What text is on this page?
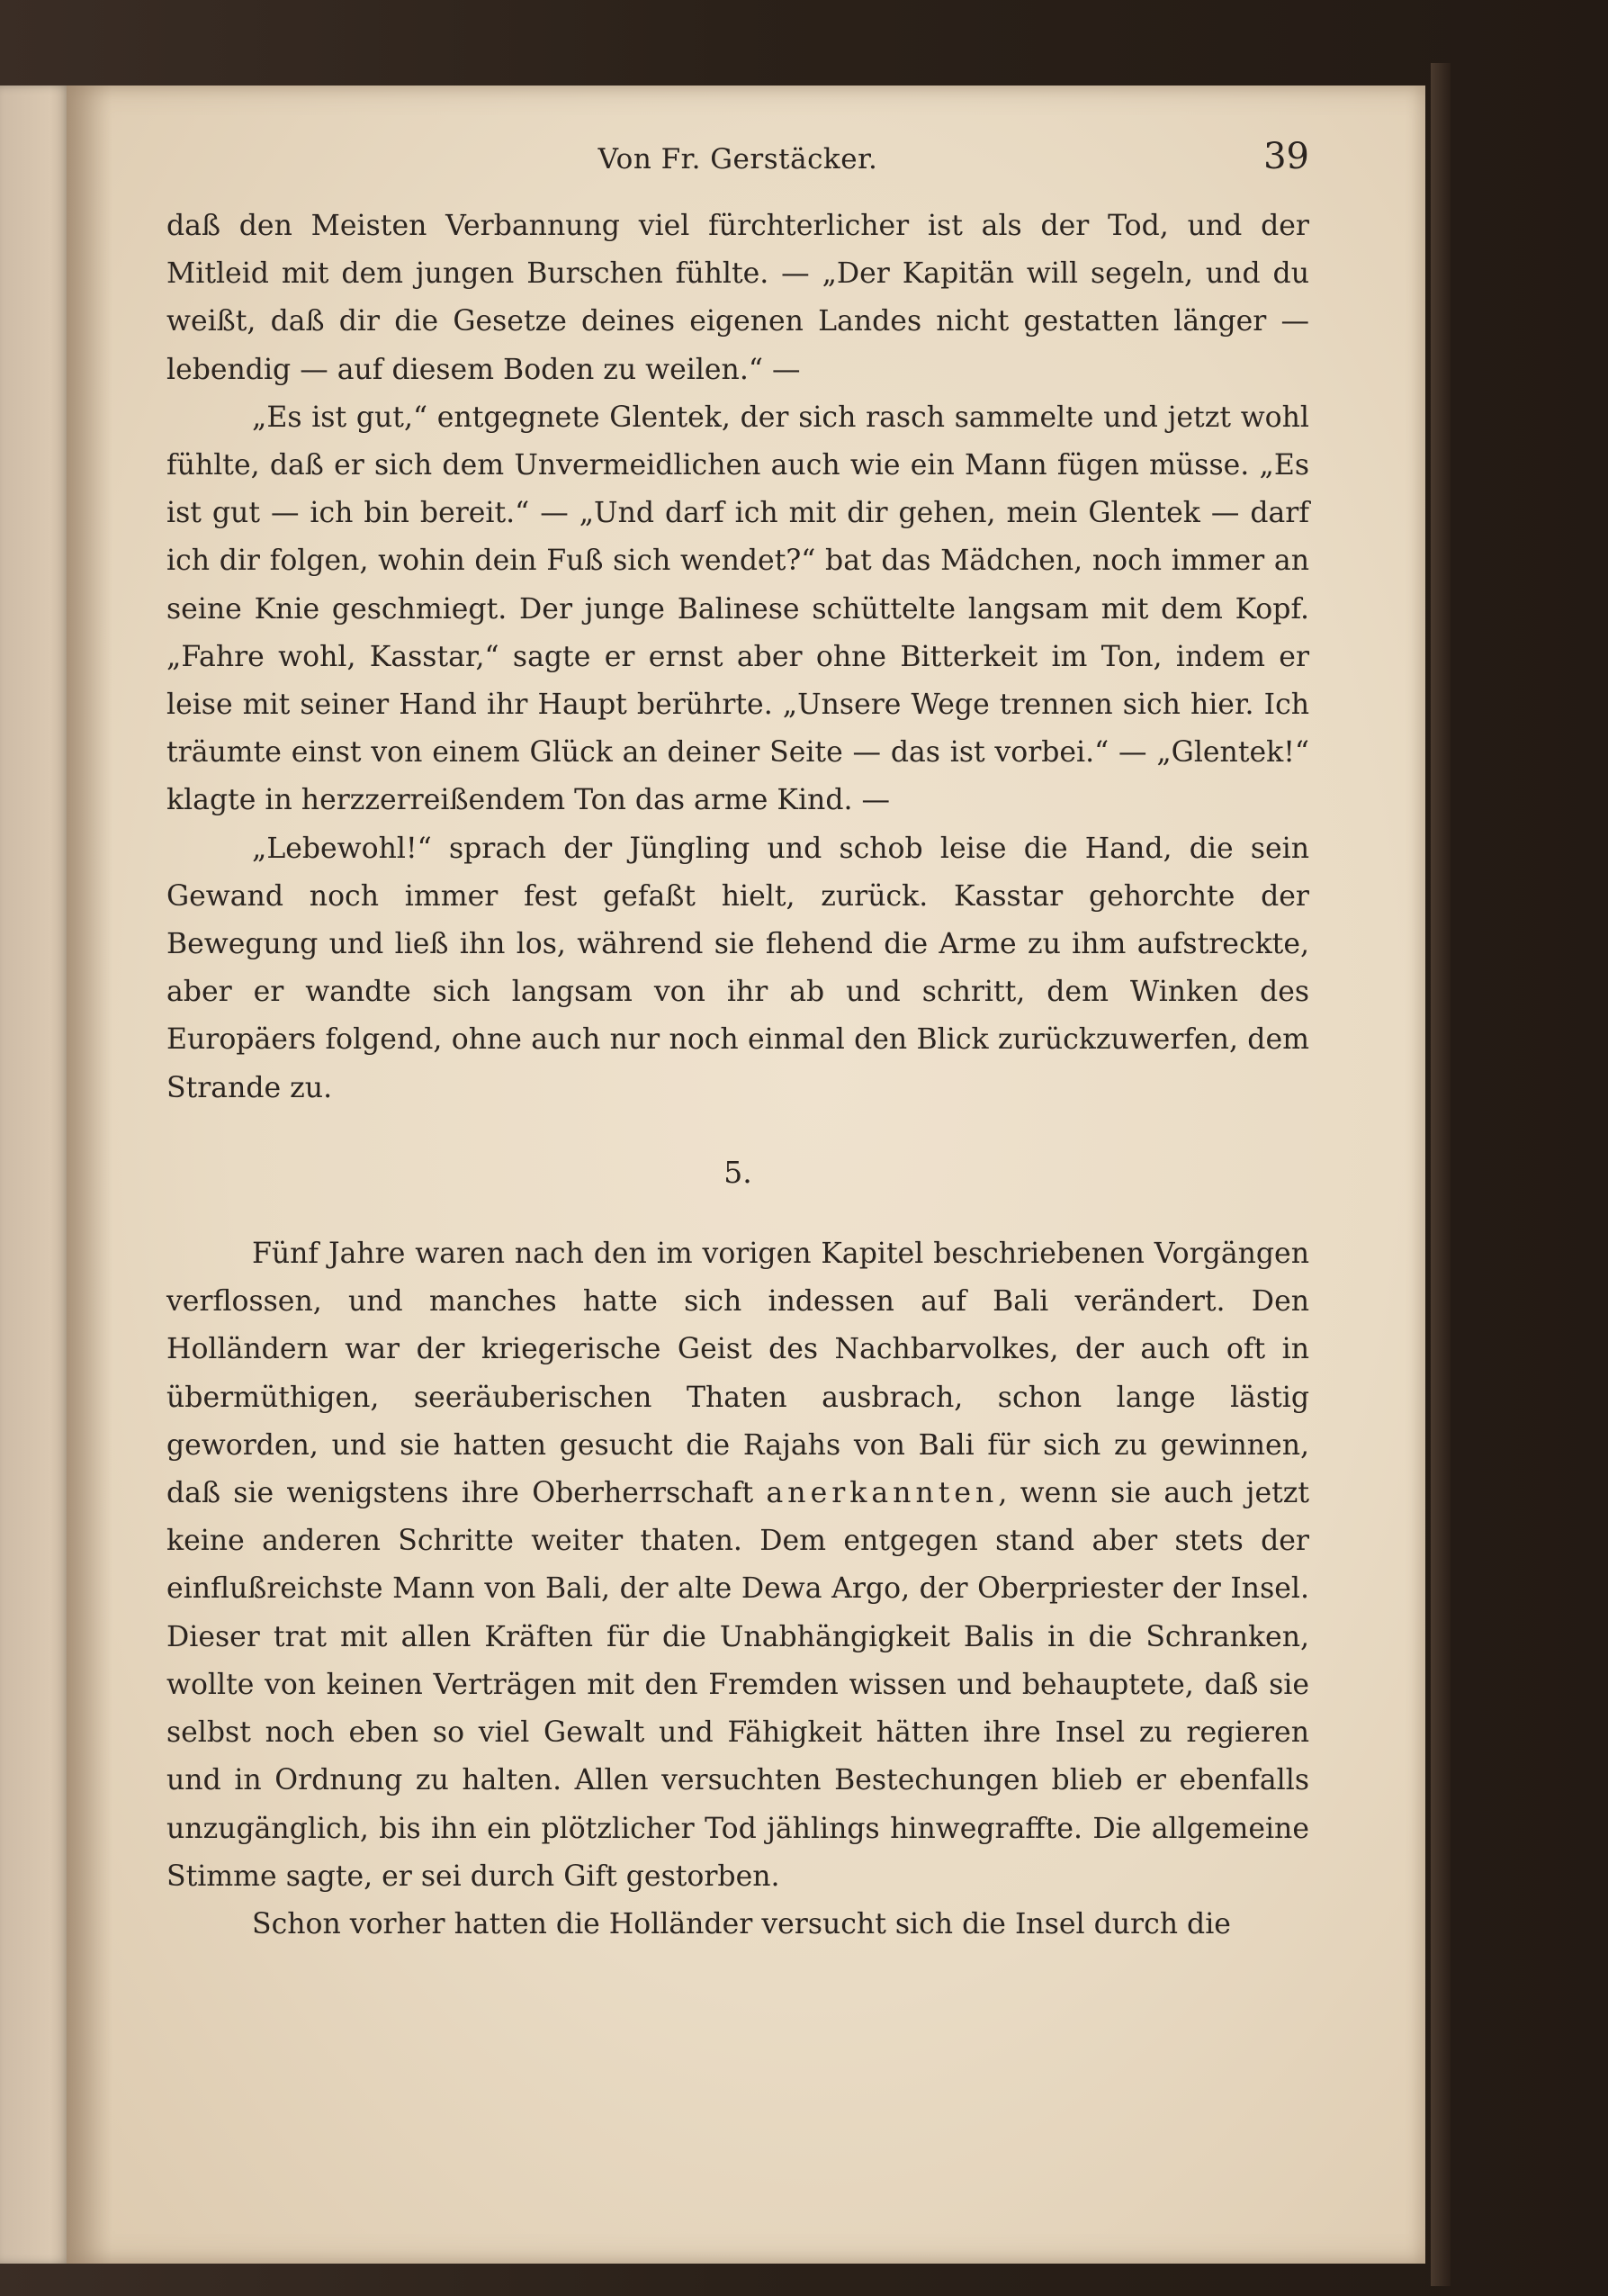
Von Fr. Gerstäcker.	39

daß den Meisten Verbannung viel fürchterlicher ist als der Tod, und der Mitleid mit dem jungen Burschen fühlte. — „Der Kapitän will segeln, und du weißt, daß dir die Gesetze deines eigenen Landes nicht gestatten länger — lebendig — auf diesem Boden zu weilen.“ —

„Es ist gut,“ entgegnete Glentek, der sich rasch sammelte und jetzt wohl fühlte, daß er sich dem Unvermeidlichen auch wie ein Mann fügen müsse. „Es ist gut — ich bin bereit.“ — „Und darf ich mit dir gehen, mein Glentek — darf ich dir folgen, wohin dein Fuß sich wendet?“ bat das Mädchen, noch immer an seine Knie geschmiegt. Der junge Balinese schüttelte langsam mit dem Kopf. „Fahre wohl, Kasstar,“ sagte er ernst aber ohne Bitterkeit im Ton, indem er leise mit seiner Hand ihr Haupt berührte. „Unsere Wege trennen sich hier. Ich träumte einst von einem Glück an deiner Seite — das ist vorbei.“ — „Glentek!“ klagte in herzzerreißendem Ton das arme Kind. —

„Lebewohl!“ sprach der Jüngling und schob leise die Hand, die sein Gewand noch immer fest gefaßt hielt, zurück. Kasstar gehorchte der Bewegung und ließ ihn los, während sie flehend die Arme zu ihm aufstreckte, aber er wandte sich langsam von ihr ab und schritt, dem Winken des Europäers folgend, ohne auch nur noch einmal den Blick zurückzuwerfen, dem Strande zu.

5.

Fünf Jahre waren nach den im vorigen Kapitel beschriebenen Vorgängen verflossen, und manches hatte sich indessen auf Bali verändert. Den Holländern war der kriegerische Geist des Nachbarvolkes, der auch oft in übermüthigen, seeräuberischen Thaten ausbrach, schon lange lästig geworden, und sie hatten gesucht die Rajahs von Bali für sich zu gewinnen, daß sie wenigstens ihre Oberherrschaft anerkannten, wenn sie auch jetzt keine anderen Schritte weiter thaten. Dem entgegen stand aber stets der einflußreichste Mann von Bali, der alte Dewa Argo, der Oberpriester der Insel. Dieser trat mit allen Kräften für die Unabhängigkeit Balis in die Schranken, wollte von keinen Verträgen mit den Fremden wissen und behauptete, daß sie selbst noch eben so viel Gewalt und Fähigkeit hätten ihre Insel zu regieren und in Ordnung zu halten. Allen versuchten Bestechungen blieb er ebenfalls unzugänglich, bis ihn ein plötzlicher Tod jählings hinwegraffte. Die allgemeine Stimme sagte, er sei durch Gift gestorben.

Schon vorher hatten die Holländer versucht sich die Insel durch die
